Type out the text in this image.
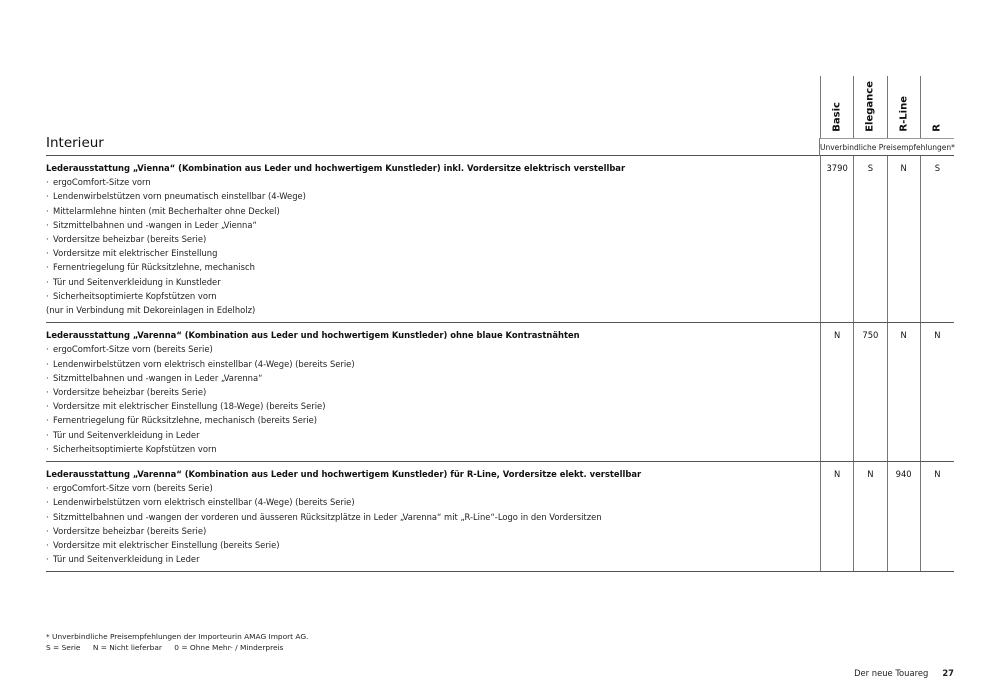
Interieur
Basic Elegance R-Line R
Unverbindliche Preisempfehlungen*
Lederausstattung „Vienna“ (Kombination aus Leder und hochwertigem Kunstleder) inkl. Vordersitze elektrisch verstellbar
· ergoComfort-Sitze vorn
· Lendenwirbelstützen vorn pneumatisch einstellbar (4-Wege)
· Mittelarmlehne hinten (mit Becherhalter ohne Deckel)
· Sitzmittelbahnen und -wangen in Leder „Vienna“
· Vordersitze beheizbar (bereits Serie)
· Vordersitze mit elektrischer Einstellung
· Fernentriegelung für Rücksitzlehne, mechanisch
· Tür und Seitenverkleidung in Kunstleder
· Sicherheitsoptimierte Kopfstützen vorn
(nur in Verbindung mit Dekoreinlagen in Edelholz)
3790	S	N	S
Lederausstattung „Varenna“ (Kombination aus Leder und hochwertigem Kunstleder) ohne blaue Kontrastnähten
· ergoComfort-Sitze vorn (bereits Serie)
· Lendenwirbelstützen vorn elektrisch einstellbar (4-Wege) (bereits Serie)
· Sitzmittelbahnen und -wangen in Leder „Varenna“
· Vordersitze beheizbar (bereits Serie)
· Vordersitze mit elektrischer Einstellung (18-Wege) (bereits Serie)
· Fernentriegelung für Rücksitzlehne, mechanisch (bereits Serie)
· Tür und Seitenverkleidung in Leder
· Sicherheitsoptimierte Kopfstützen vorn
N	750	N	N
Lederausstattung „Varenna“ (Kombination aus Leder und hochwertigem Kunstleder) für R-Line, Vordersitze elekt. verstellbar
· ergoComfort-Sitze vorn (bereits Serie)
· Lendenwirbelstützen vorn elektrisch einstellbar (4-Wege) (bereits Serie)
· Sitzmittelbahnen und -wangen der vorderen und äusseren Rücksitzplätze in Leder „Varenna“ mit „R-Line“-Logo in den Vordersitzen
· Vordersitze beheizbar (bereits Serie)
· Vordersitze mit elektrischer Einstellung (bereits Serie)
· Tür und Seitenverkleidung in Leder
N	N	940	N
* Unverbindliche Preisempfehlungen der Importeurin AMAG Import AG.
S = Serie N = Nicht lieferbar 0 = Ohne Mehr- / Minderpreis
Der neue Touareg 27
